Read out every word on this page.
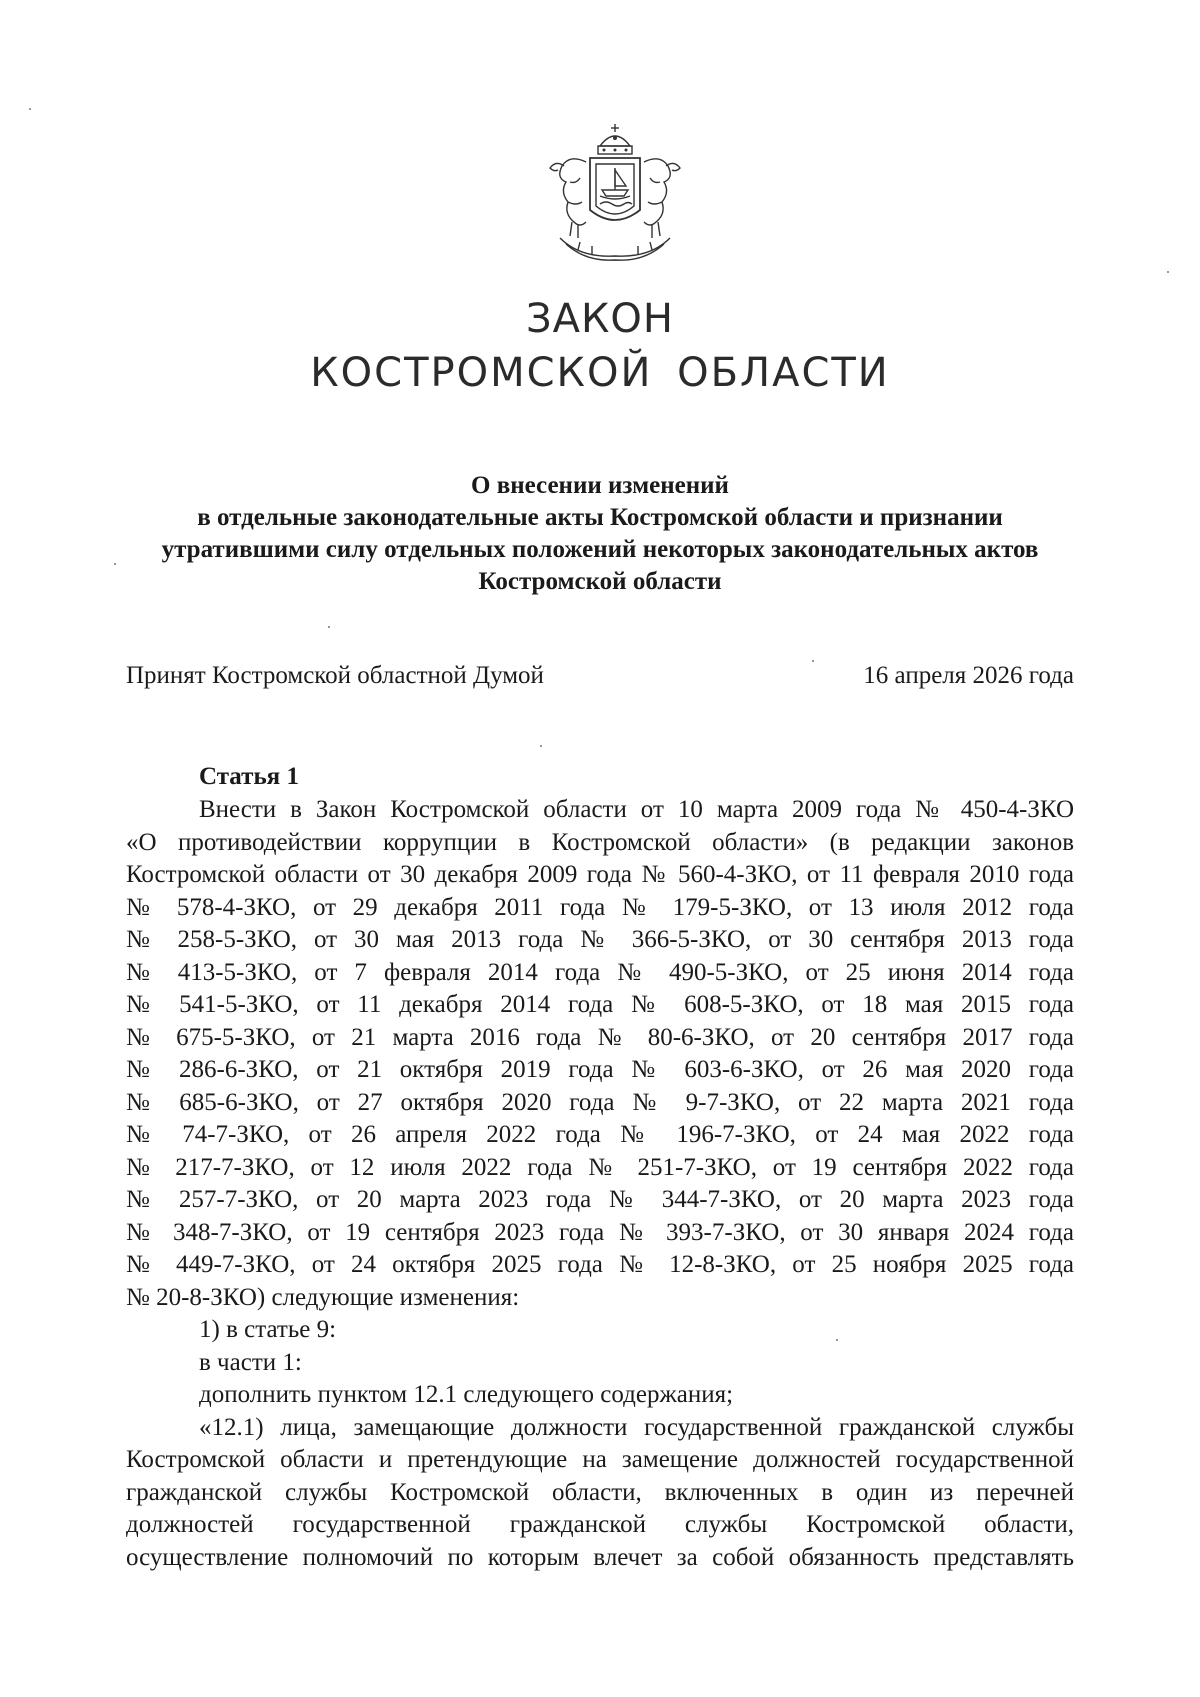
ЗАКОН
КОСТРОМСКОЙ ОБЛАСТИ
О внесении изменений
в отдельные законодательные акты Костромской области и признании
утратившими силу отдельных положений некоторых законодательных актов
Костромской области
Принят Костромской областной Думой	16 апреля 2026 года
Статья 1

Внести в Закон Костромской области от 10 марта 2009 года № 450-4-ЗКО

«О противодействии коррупции в Костромской области» (в редакции законов

Костромской области от 30 декабря 2009 года № 560-4-ЗКО, от 11 февраля 2010 года

№ 578-4-ЗКО, от 29 декабря 2011 года № 179-5-ЗКО, от 13 июля 2012 года

№ 258-5-ЗКО, от 30 мая 2013 года № 366-5-ЗКО, от 30 сентября 2013 года

№ 413-5-ЗКО, от 7 февраля 2014 года № 490-5-ЗКО, от 25 июня 2014 года

№ 541-5-ЗКО, от 11 декабря 2014 года № 608-5-ЗКО, от 18 мая 2015 года

№ 675-5-ЗКО, от 21 марта 2016 года № 80-6-ЗКО, от 20 сентября 2017 года

№ 286-6-ЗКО, от 21 октября 2019 года № 603-6-ЗКО, от 26 мая 2020 года

№ 685-6-ЗКО, от 27 октября 2020 года № 9-7-ЗКО, от 22 марта 2021 года

№ 74-7-ЗКО, от 26 апреля 2022 года № 196-7-ЗКО, от 24 мая 2022 года

№ 217-7-ЗКО, от 12 июля 2022 года № 251-7-ЗКО, от 19 сентября 2022 года

№ 257-7-ЗКО, от 20 марта 2023 года № 344-7-ЗКО, от 20 марта 2023 года

№ 348-7-ЗКО, от 19 сентября 2023 года № 393-7-ЗКО, от 30 января 2024 года

№ 449-7-ЗКО, от 24 октября 2025 года № 12-8-ЗКО, от 25 ноября 2025 года

№ 20-8-ЗКО) следующие изменения:

1) в статье 9:

в части 1:

дополнить пунктом 12.1 следующего содержания;

«12.1) лица, замещающие должности государственной гражданской службы

Костромской области и претендующие на замещение должностей государственной

гражданской службы Костромской области, включенных в один из перечней

должностей государственной гражданской службы Костромской области,

осуществление полномочий по которым влечет за собой обязанность представлять
